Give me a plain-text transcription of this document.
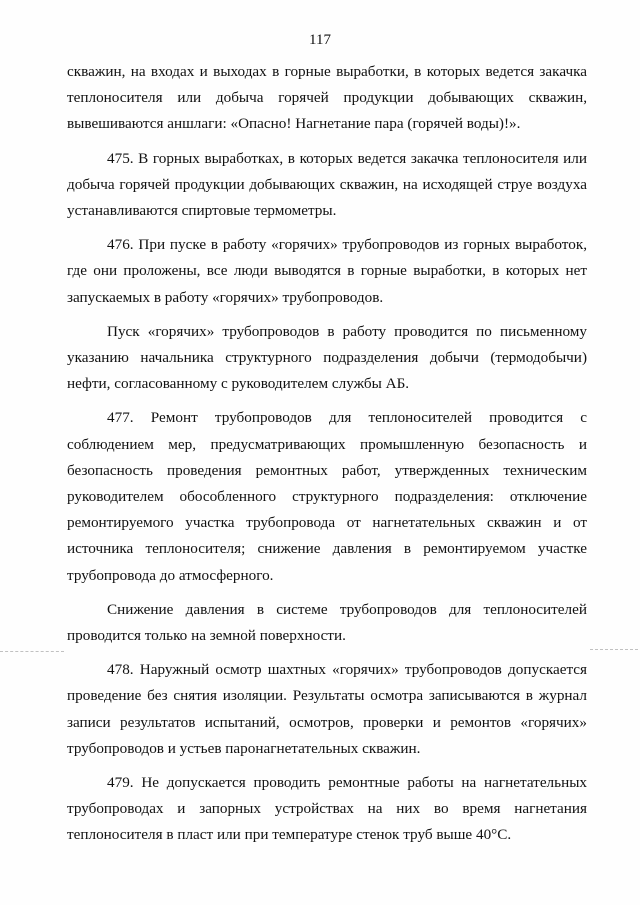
117

скважин, на входах и выходах в горные выработки, в которых ведется закачка
теплоносителя или добыча горячей продукции добывающих скважин,
вывешиваются аншлаги: «Опасно! Нагнетание пара (горячей воды)!».

475. В горных выработках, в которых ведется закачка теплоносителя или
добыча горячей продукции добывающих скважин, на исходящей струе воздуха
устанавливаются спиртовые термометры.

476. При пуске в работу «горячих» трубопроводов из горных выработок,
где они проложены, все люди выводятся в горные выработки, в которых нет
запускаемых в работу «горячих» трубопроводов.

Пуск «горячих» трубопроводов в работу проводится по письменному
указанию начальника структурного подразделения добычи (термодобычи)
нефти, согласованному с руководителем службы АБ.

477. Ремонт трубопроводов для теплоносителей проводится с
соблюдением мер, предусматривающих промышленную безопасность и
безопасность проведения ремонтных работ, утвержденных техническим
руководителем обособленного структурного подразделения: отключение
ремонтируемого участка трубопровода от нагнетательных скважин и от
источника теплоносителя; снижение давления в ремонтируемом участке
трубопровода до атмосферного.

Снижение давления в системе трубопроводов для теплоносителей
проводится только на земной поверхности.

478. Наружный осмотр шахтных «горячих» трубопроводов допускается
проведение без снятия изоляции. Результаты осмотра записываются в журнал
записи результатов испытаний, осмотров, проверки и ремонтов «горячих»
трубопроводов и устьев паронагнетательных скважин.

479. Не допускается проводить ремонтные работы на нагнетательных
трубопроводах и запорных устройствах на них во время нагнетания
теплоносителя в пласт или при температуре стенок труб выше 40°С.
